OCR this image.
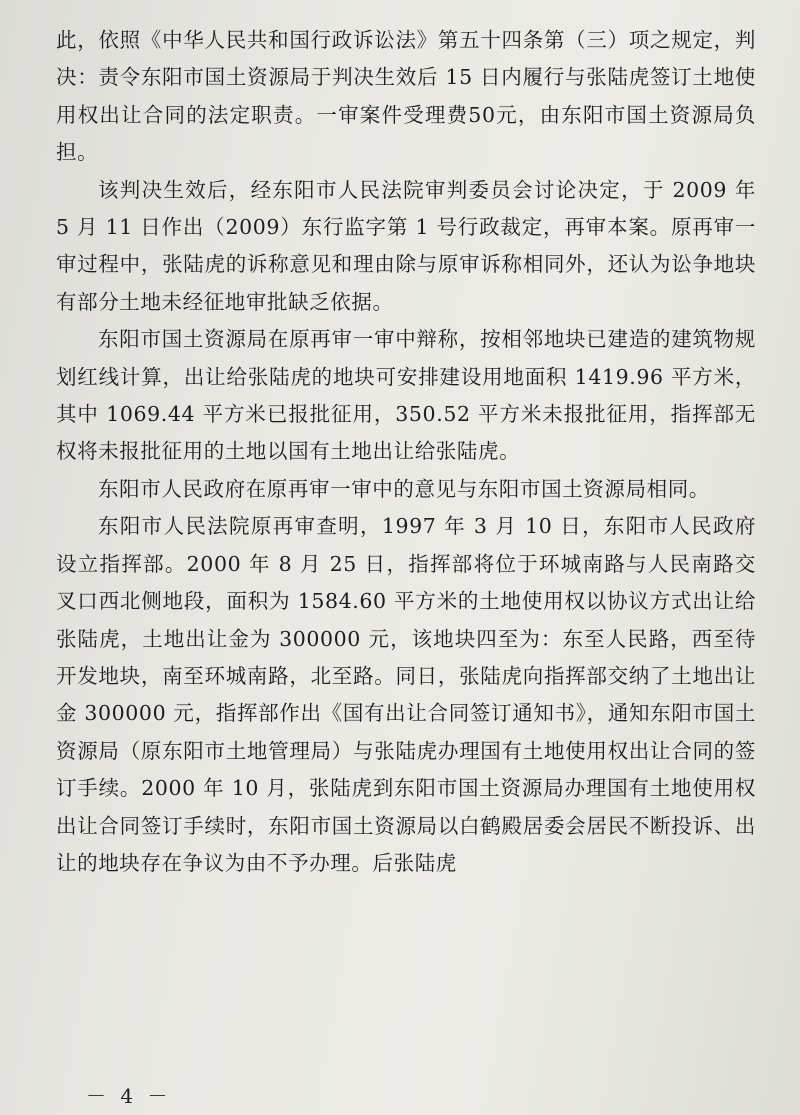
此，依照《中华人民共和国行政诉讼法》第五十四条第（三）项之规定，判决：责令东阳市国土资源局于判决生效后 15 日内履行与张陆虎签订土地使用权出让合同的法定职责。一审案件受理费50元，由东阳市国土资源局负担。

该判决生效后，经东阳市人民法院审判委员会讨论决定，于 2009 年 5 月 11 日作出（2009）东行监字第 1 号行政裁定，再审本案。原再审一审过程中，张陆虎的诉称意见和理由除与原审诉称相同外，还认为讼争地块有部分土地未经征地审批缺乏依据。

东阳市国土资源局在原再审一审中辩称，按相邻地块已建造的建筑物规划红线计算，出让给张陆虎的地块可安排建设用地面积 1419.96 平方米，其中 1069.44 平方米已报批征用，350.52 平方米未报批征用，指挥部无权将未报批征用的土地以国有土地出让给张陆虎。

东阳市人民政府在原再审一审中的意见与东阳市国土资源局相同。

东阳市人民法院原再审查明，1997 年 3 月 10 日，东阳市人民政府设立指挥部。2000 年 8 月 25 日，指挥部将位于环城南路与人民南路交叉口西北侧地段，面积为 1584.60 平方米的土地使用权以协议方式出让给张陆虎，土地出让金为 300000 元，该地块四至为：东至人民路，西至待开发地块，南至环城南路，北至路。同日，张陆虎向指挥部交纳了土地出让金 300000 元，指挥部作出《国有出让合同签订通知书》，通知东阳市国土资源局（原东阳市土地管理局）与张陆虎办理国有土地使用权出让合同的签订手续。2000 年 10 月，张陆虎到东阳市国土资源局办理国有土地使用权出让合同签订手续时，东阳市国土资源局以白鹤殿居委会居民不断投诉、出让的地块存在争议为由不予办理。后张陆虎

－ 4 －
